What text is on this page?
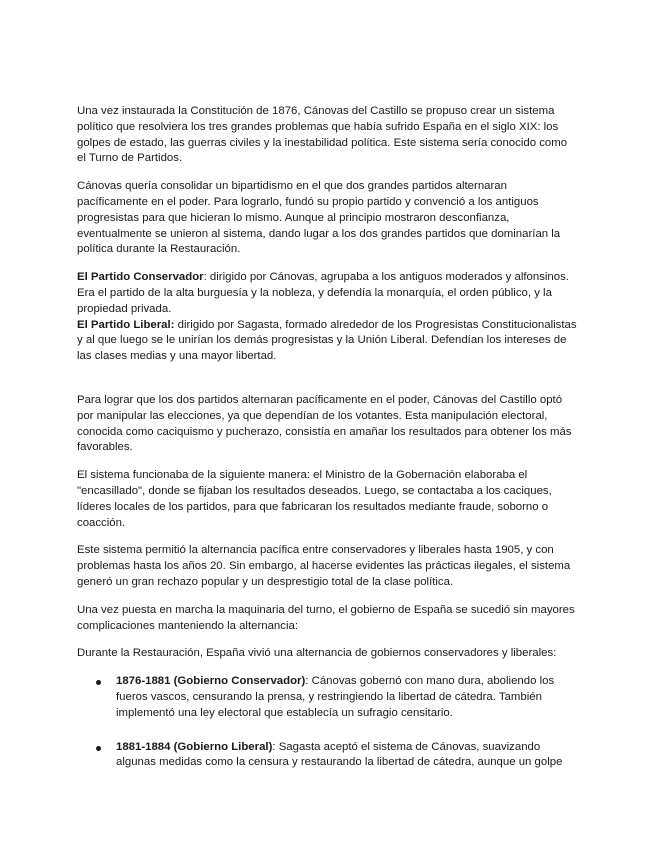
Una vez instaurada la Constitución de 1876, Cánovas del Castillo se propuso crear un sistema político que resolviera los tres grandes problemas que había sufrido España en el siglo XIX: los golpes de estado, las guerras civiles y la inestabilidad política. Este sistema sería conocido como el Turno de Partidos.

Cánovas quería consolidar un bipartidismo en el que dos grandes partidos alternaran pacíficamente en el poder. Para lograrlo, fundó su propio partido y convenció a los antiguos progresistas para que hicieran lo mismo. Aunque al principio mostraron desconfianza, eventualmente se unieron al sistema, dando lugar a los dos grandes partidos que dominarían la política durante la Restauración.

El Partido Conservador: dirigido por Cánovas, agrupaba a los antiguos moderados y alfonsinos. Era el partido de la alta burguesía y la nobleza, y defendía la monarquía, el orden público, y la propiedad privada.

El Partido Liberal: dirigido por Sagasta, formado alrededor de los Progresistas Constitucionalistas y al que luego se le unirían los demás progresistas y la Unión Liberal. Defendían los intereses de las clases medias y una mayor libertad.

Para lograr que los dos partidos alternaran pacíficamente en el poder, Cánovas del Castillo optó por manipular las elecciones, ya que dependían de los votantes. Esta manipulación electoral, conocida como caciquismo y pucherazo, consistía en amañar los resultados para obtener los más favorables.

El sistema funcionaba de la siguiente manera: el Ministro de la Gobernación elaboraba el "encasillado", donde se fijaban los resultados deseados. Luego, se contactaba a los caciques, líderes locales de los partidos, para que fabricaran los resultados mediante fraude, soborno o coacción.

Este sistema permitió la alternancia pacífica entre conservadores y liberales hasta 1905, y con problemas hasta los años 20. Sin embargo, al hacerse evidentes las prácticas ilegales, el sistema generó un gran rechazo popular y un desprestigio total de la clase política.

Una vez puesta en marcha la maquinaria del turno, el gobierno de España se sucedió sin mayores complicaciones manteniendo la alternancia:

Durante la Restauración, España vivió una alternancia de gobiernos conservadores y liberales:

1876-1881 (Gobierno Conservador): Cánovas gobernó con mano dura, aboliendo los fueros vascos, censurando la prensa, y restringiendo la libertad de cátedra. También implementó una ley electoral que establecía un sufragio censitario.
1881-1884 (Gobierno Liberal): Sagasta aceptó el sistema de Cánovas, suavizando algunas medidas como la censura y restaurando la libertad de cátedra, aunque un golpe
